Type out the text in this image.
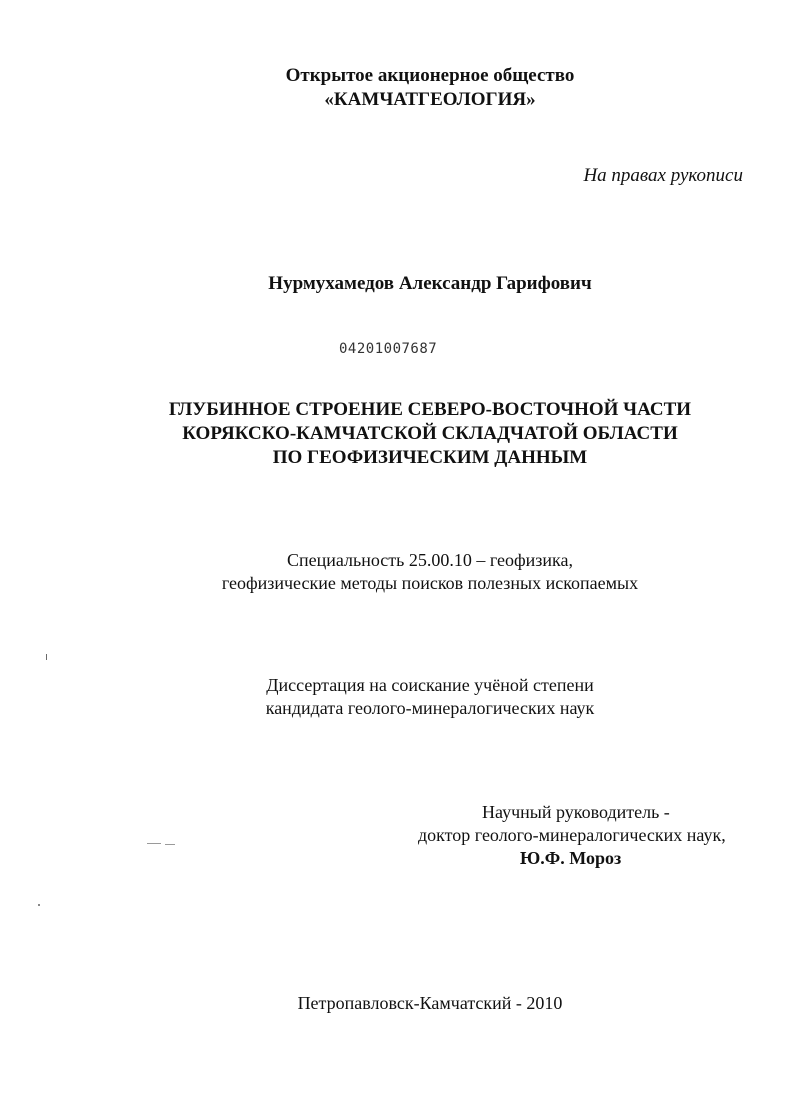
Открытое акционерное общество
«КАМЧАТГЕОЛОГИЯ»
На правах рукописи
Нурмухамедов Александр Гарифович
04201007687
ГЛУБИННОЕ СТРОЕНИЕ СЕВЕРО-ВОСТОЧНОЙ ЧАСТИ
КОРЯКСКО-КАМЧАТСКОЙ СКЛАДЧАТОЙ ОБЛАСТИ
ПО ГЕОФИЗИЧЕСКИМ ДАННЫМ
Специальность 25.00.10 – геофизика,
геофизические методы поисков полезных ископаемых
Диссертация на соискание учёной степени
кандидата геолого-минералогических наук
Научный руководитель -
доктор геолого-минералогических наук,
Ю.Ф. Мороз
Петропавловск-Камчатский - 2010
